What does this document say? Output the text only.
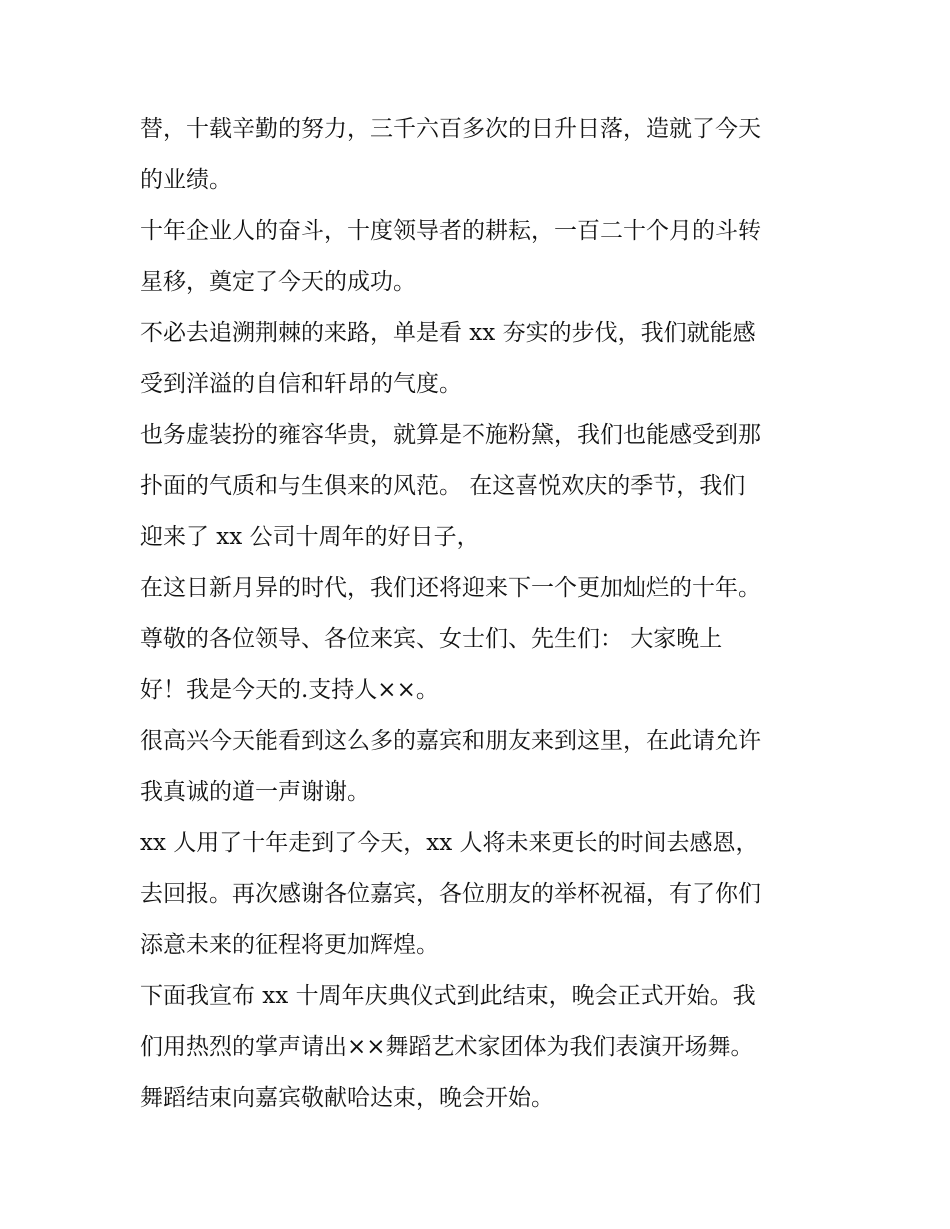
替，十载辛勤的努力，三千六百多次的日升日落，造就了今天

的业绩。

十年企业人的奋斗，十度领导者的耕耘，一百二十个月的斗转

星移，奠定了今天的成功。

不必去追溯荆棘的来路，单是看 xx 夯实的步伐，我们就能感

受到洋溢的自信和轩昂的气度。

也务虚装扮的雍容华贵，就算是不施粉黛，我们也能感受到那

扑面的气质和与生俱来的风范。 在这喜悦欢庆的季节，我们

迎来了 xx 公司十周年的好日子，

在这日新月异的时代，我们还将迎来下一个更加灿烂的十年。

尊敬的各位领导、各位来宾、女士们、先生们： 大家晚上

好！我是今天的.支持人××。

很高兴今天能看到这么多的嘉宾和朋友来到这里，在此请允许

我真诚的道一声谢谢。

xx 人用了十年走到了今天，xx 人将未来更长的时间去感恩，

去回报。再次感谢各位嘉宾，各位朋友的举杯祝福，有了你们

添意未来的征程将更加辉煌。

下面我宣布 xx 十周年庆典仪式到此结束，晚会正式开始。我

们用热烈的掌声请出××舞蹈艺术家团体为我们表演开场舞。

舞蹈结束向嘉宾敬献哈达束，晚会开始。
